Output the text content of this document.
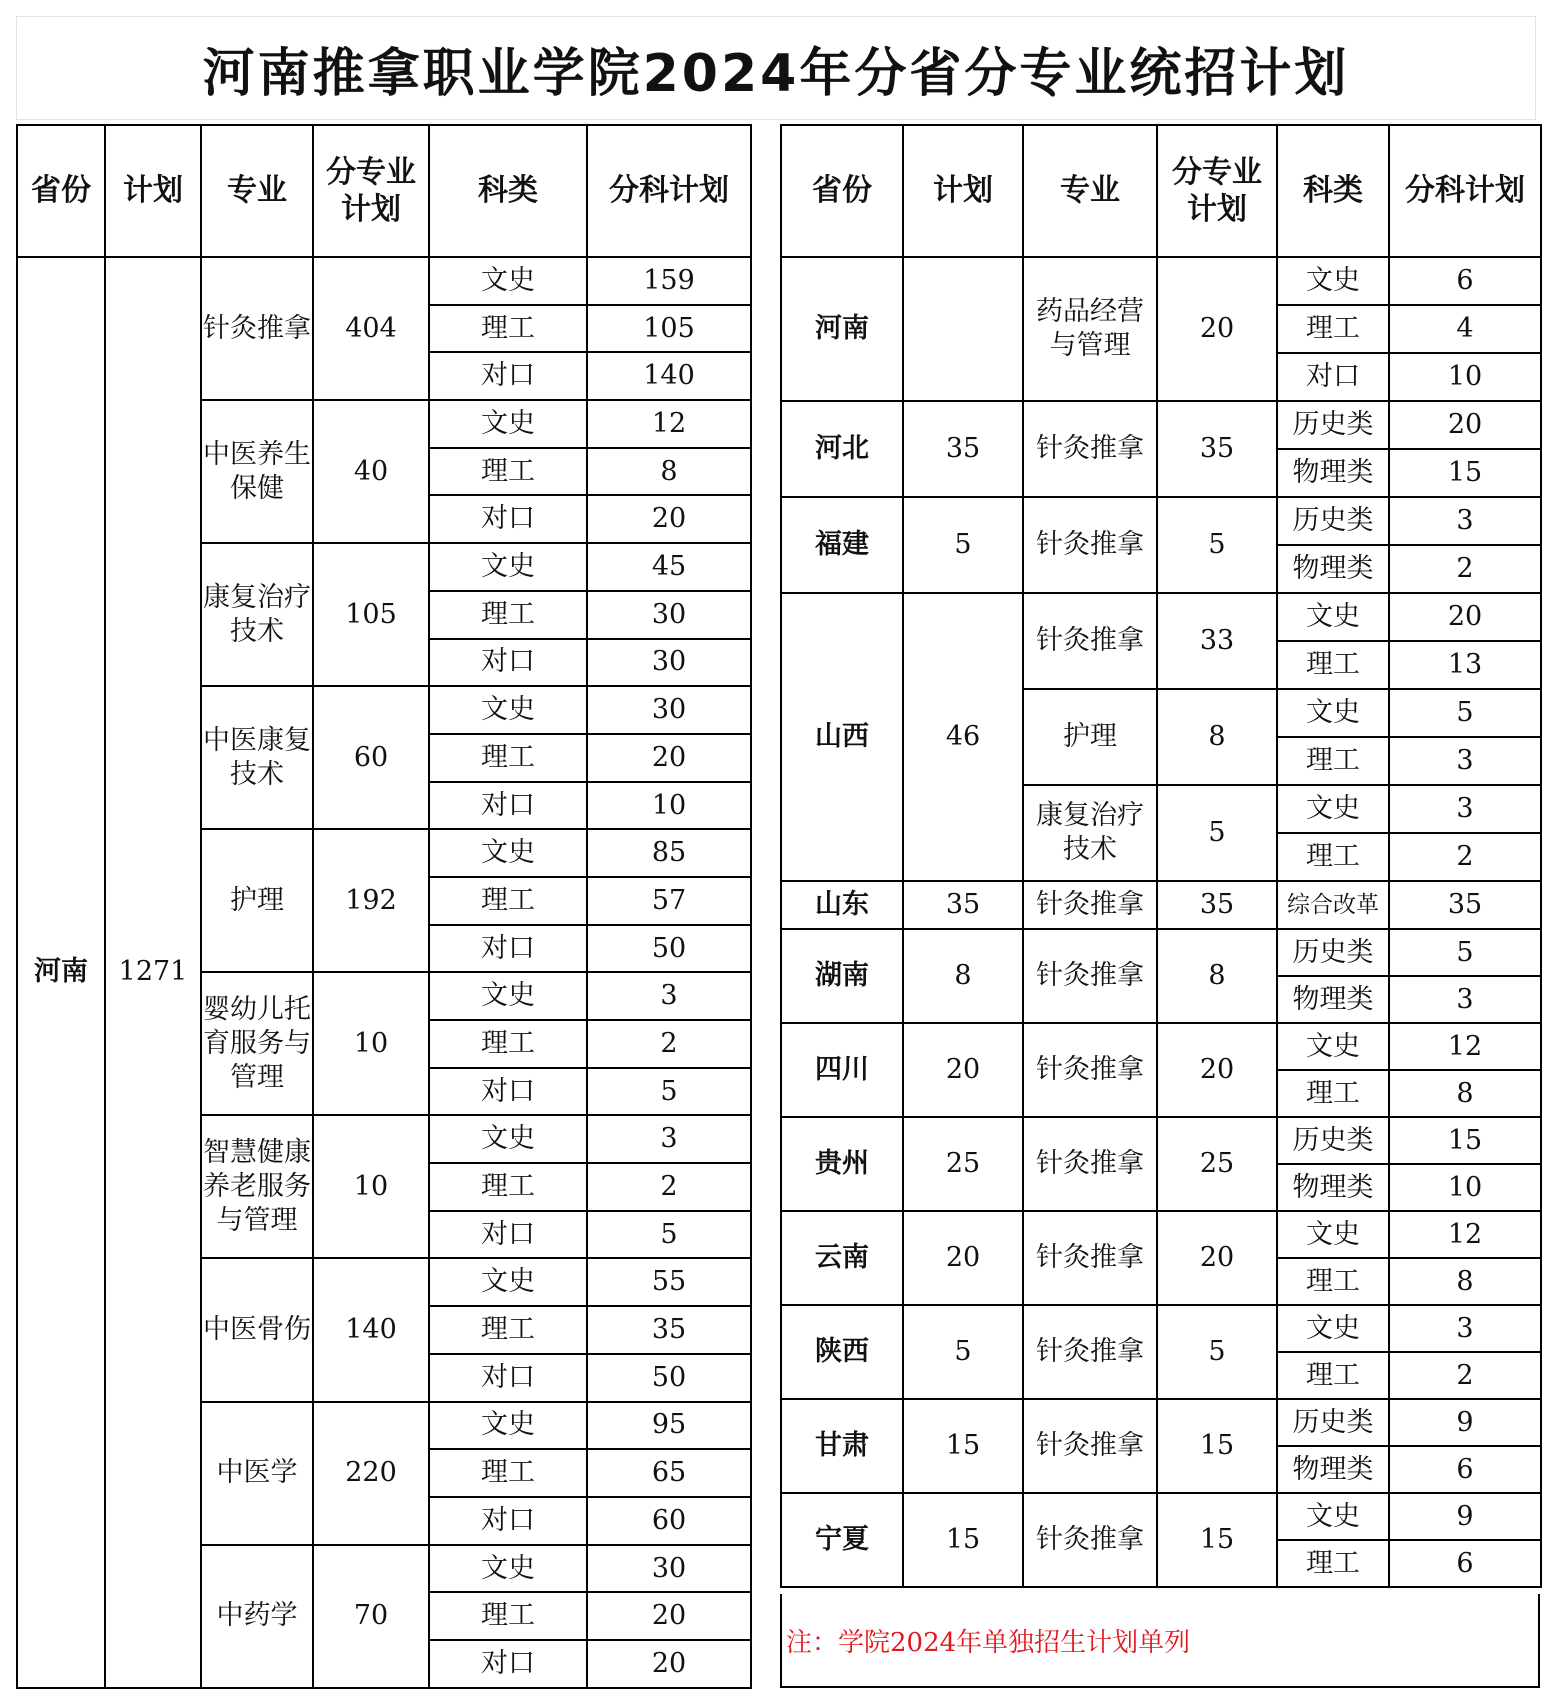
河南推拿职业学院2024年分省分专业统招计划
省份	计划	专业	分专业计划	科类	分科计划
河南	1271	针灸推拿	404	文史	159
				理工	105
				对口	140
		中医养生保健	40	文史	12
				理工	8
				对口	20
		康复治疗技术	105	文史	45
				理工	30
				对口	30
		中医康复技术	60	文史	30
				理工	20
				对口	10
		护理	192	文史	85
				理工	57
				对口	50
		婴幼儿托育服务与管理	10	文史	3
				理工	2
				对口	5
		智慧健康养老服务与管理	10	文史	3
				理工	2
				对口	5
		中医骨伤	140	文史	55
				理工	35
				对口	50
		中医学	220	文史	95
				理工	65
				对口	60
		中药学	70	文史	30
				理工	20
				对口	20
省份	计划	专业	分专业计划	科类	分科计划
河南		药品经营与管理	20	文史	6
				理工	4
				对口	10
河北	35	针灸推拿	35	历史类	20
				物理类	15
福建	5	针灸推拿	5	历史类	3
				物理类	2
山西	46	针灸推拿	33	文史	20
				理工	13
		护理	8	文史	5
				理工	3
		康复治疗技术	5	文史	3
				理工	2
山东	35	针灸推拿	35	综合改革	35
湖南	8	针灸推拿	8	历史类	5
				物理类	3
四川	20	针灸推拿	20	文史	12
				理工	8
贵州	25	针灸推拿	25	历史类	15
				物理类	10
云南	20	针灸推拿	20	文史	12
				理工	8
陕西	5	针灸推拿	5	文史	3
				理工	2
甘肃	15	针灸推拿	15	历史类	9
				物理类	6
宁夏	15	针灸推拿	15	文史	9
				理工	6
注：学院2024年单独招生计划单列
